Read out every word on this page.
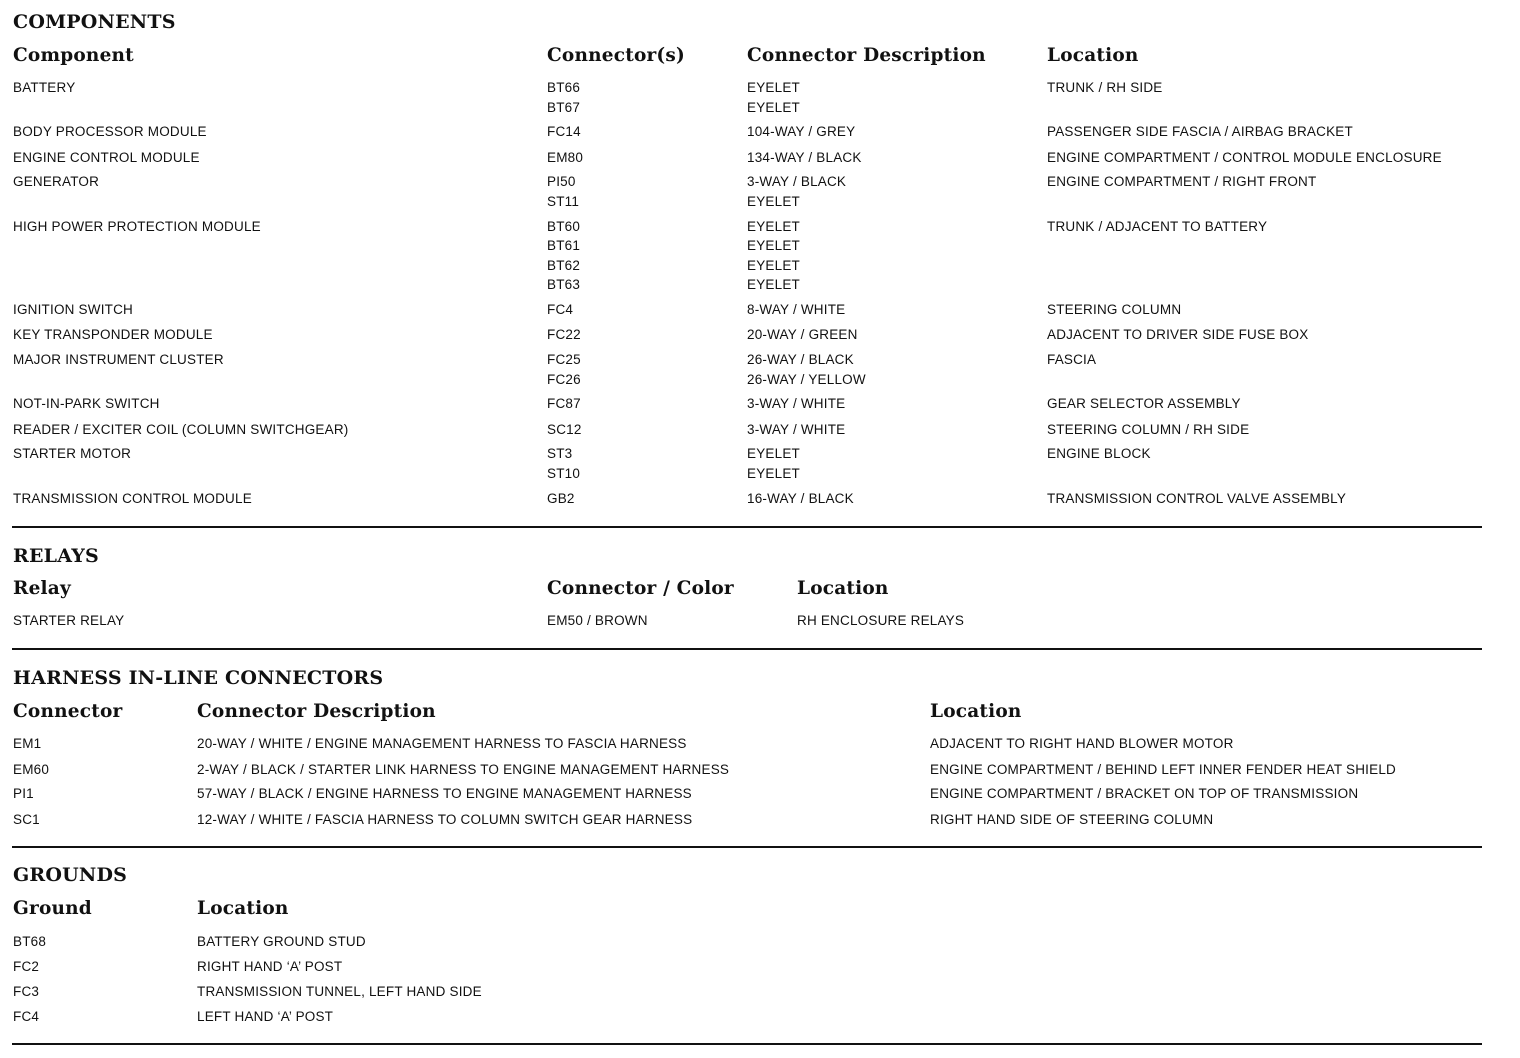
COMPONENTS
Component	Connector(s)	Connector Description	Location
BATTERY	BT66	EYELET	TRUNK / RH SIDE
BT67	EYELET
BODY PROCESSOR MODULE	FC14	104-WAY / GREY	PASSENGER SIDE FASCIA / AIRBAG BRACKET
ENGINE CONTROL MODULE	EM80	134-WAY / BLACK	ENGINE COMPARTMENT / CONTROL MODULE ENCLOSURE
GENERATOR	PI50	3-WAY / BLACK	ENGINE COMPARTMENT / RIGHT FRONT
ST11	EYELET
HIGH POWER PROTECTION MODULE	BT60	EYELET	TRUNK / ADJACENT TO BATTERY
BT61	EYELET
BT62	EYELET
BT63	EYELET
IGNITION SWITCH	FC4	8-WAY / WHITE	STEERING COLUMN
KEY TRANSPONDER MODULE	FC22	20-WAY / GREEN	ADJACENT TO DRIVER SIDE FUSE BOX
MAJOR INSTRUMENT CLUSTER	FC25	26-WAY / BLACK	FASCIA
FC26	26-WAY / YELLOW
NOT-IN-PARK SWITCH	FC87	3-WAY / WHITE	GEAR SELECTOR ASSEMBLY
READER / EXCITER COIL (COLUMN SWITCHGEAR)	SC12	3-WAY / WHITE	STEERING COLUMN / RH SIDE
STARTER MOTOR	ST3	EYELET	ENGINE BLOCK
ST10	EYELET
TRANSMISSION CONTROL MODULE	GB2	16-WAY / BLACK	TRANSMISSION CONTROL VALVE ASSEMBLY
RELAYS
Relay	Connector / Color	Location
STARTER RELAY	EM50 / BROWN	RH ENCLOSURE RELAYS
HARNESS IN-LINE CONNECTORS
Connector	Connector Description	Location
EM1	20-WAY / WHITE / ENGINE MANAGEMENT HARNESS TO FASCIA HARNESS	ADJACENT TO RIGHT HAND BLOWER MOTOR
EM60	2-WAY / BLACK / STARTER LINK HARNESS TO ENGINE MANAGEMENT HARNESS	ENGINE COMPARTMENT / BEHIND LEFT INNER FENDER HEAT SHIELD
PI1	57-WAY / BLACK / ENGINE HARNESS TO ENGINE MANAGEMENT HARNESS	ENGINE COMPARTMENT / BRACKET ON TOP OF TRANSMISSION
SC1	12-WAY / WHITE / FASCIA HARNESS TO COLUMN SWITCH GEAR HARNESS	RIGHT HAND SIDE OF STEERING COLUMN
GROUNDS
Ground	Location
BT68	BATTERY GROUND STUD
FC2	RIGHT HAND ‘A’ POST
FC3	TRANSMISSION TUNNEL, LEFT HAND SIDE
FC4	LEFT HAND ‘A’ POST
